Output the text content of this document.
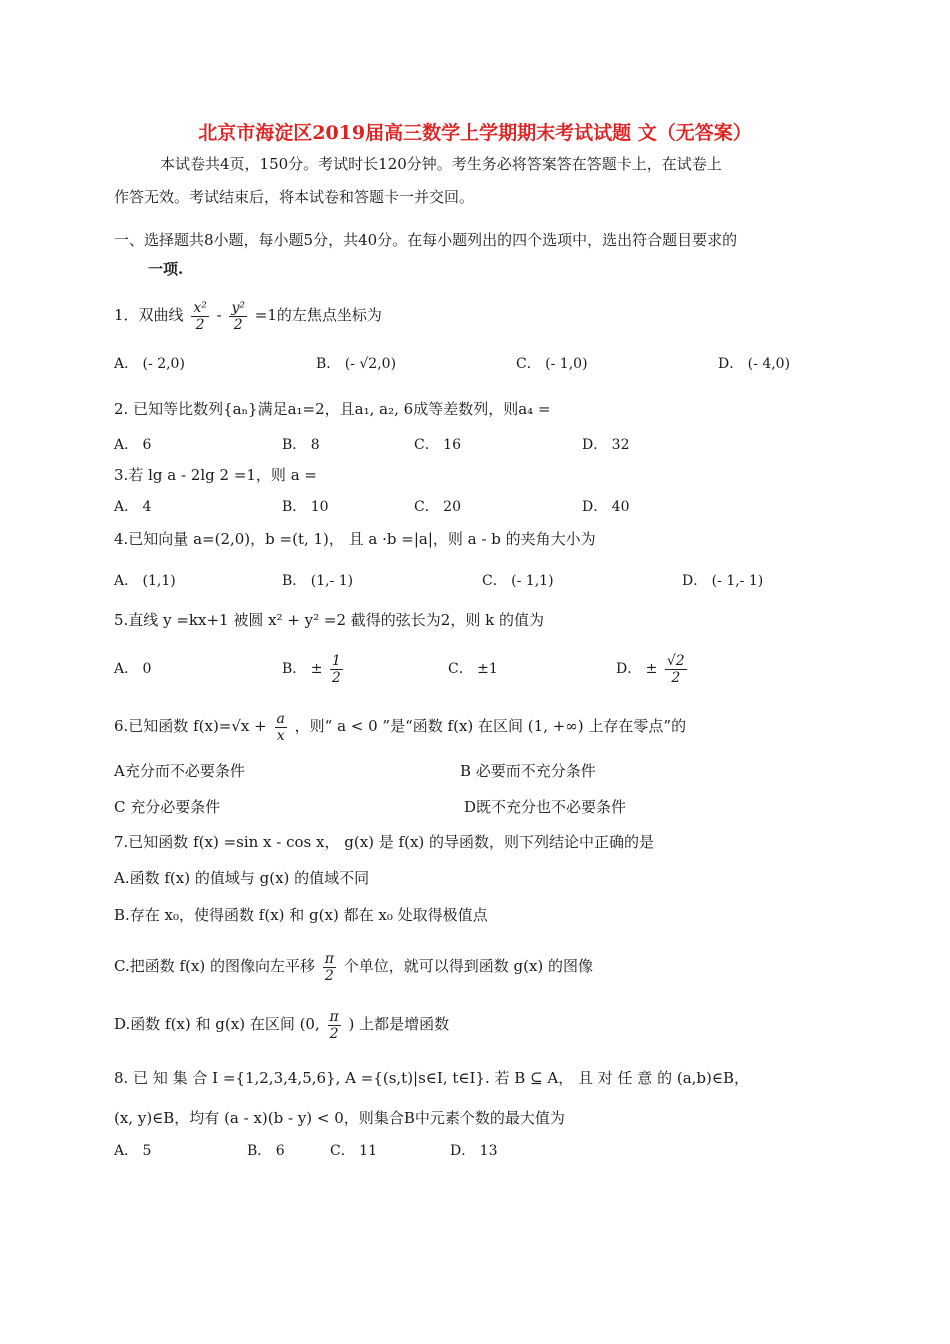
北京市海淀区2019届高三数学上学期期末考试试题 文（无答案）
本试卷共4页，150分。考试时长120分钟。考生务必将答案答在答题卡上，在试卷上
作答无效。考试结束后，将本试卷和答题卡一并交回。
一、选择题共8小题，每小题5分，共40分。在每小题列出的四个选项中，选出符合题目要求的
一项.
1．双曲线 $\frac{\text{x²}}{2} - \frac{\text{y²}}{2} =1$的左焦点坐标为
A． (- 2,0)	B． (- √2,0)	C． (- 1,0)	D． (- 4,0)
2. 已知等比数列{aₙ}满足a₁=2，且a₁, a₂, 6成等差数列，则a₄ =
A． 6	B． 8	C． 16	D． 32
3.若 lg a - 2lg 2 =1，则 a =
A． 4	B． 10	C． 20	D． 40
4.已知向量 a=(2,0)，b =(t, 1)， 且 a ·b =|a|，则 a - b 的夹角大小为
A． (1,1)	B． (1,- 1)	C． (- 1,1)	D． (- 1,- 1)
5.直线 y =kx+1 被圆 x² + y² =2 截得的弦长为2，则 k 的值为
A． 0	B． ± $\frac{1}{2}$	C． ±1	D． ± $\frac{√2}{2}$
6.已知函数 $f(x)=√x + \frac{a}{x}$ ，则“ a < 0 ”是“函数 f(x) 在区间 (1, +∞) 上存在零点”的
A充分而不必要条件	B 必要而不充分条件
C 充分必要条件	D既不充分也不必要条件
7.已知函数 f(x) =sin x - cos x， g(x) 是 f(x) 的导函数，则下列结论中正确的是
A.函数 f(x) 的值域与 g(x) 的值域不同
B.存在 x₀，使得函数 f(x) 和 g(x) 都在 x₀ 处取得极值点
C.把函数 f(x) 的图像向左平移 $\frac{\pi}{2}$ 个单位，就可以得到函数 g(x) 的图像
D.函数 f(x) 和 g(x) 在区间 (0, $\frac{\pi}{2}$ ) 上都是增函数
8. 已 知 集 合 I ={1,2,3,4,5,6}, A ={(s,t)|s∈I, t∈I}. 若 B ⊆ A， 且 对 任 意 的 (a,b)∈B，
(x, y)∈B，均有 (a - x)(b - y) < 0，则集合B中元素个数的最大值为
A． 5	B． 6	C． 11	D． 13
